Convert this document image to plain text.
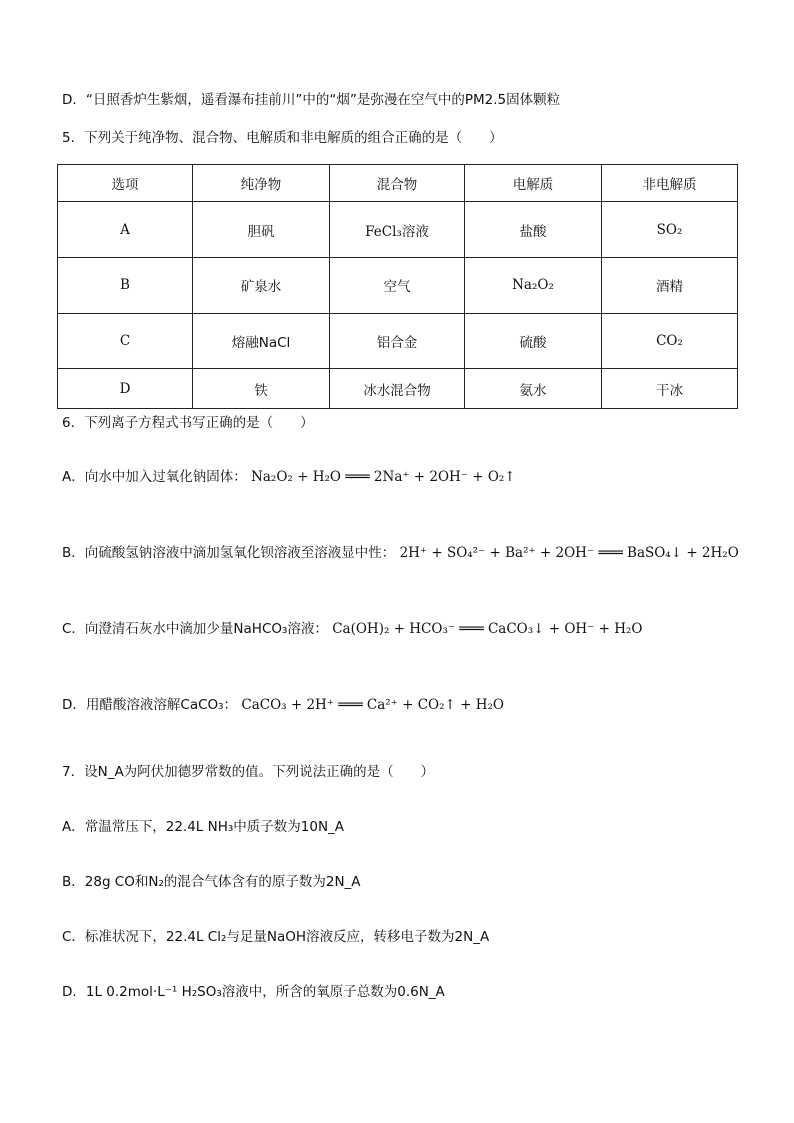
D．“日照香炉生紫烟，遥看瀑布挂前川”中的“烟”是弥漫在空气中的PM2.5固体颗粒
5．下列关于纯净物、混合物、电解质和非电解质的组合正确的是（　　）
选项	纯净物	混合物	电解质	非电解质
A	胆矾	FeCl₃溶液	盐酸	SO₂
B	矿泉水	空气	Na₂O₂	酒精
C	熔融NaCl	铝合金	硫酸	CO₂
D	铁	冰水混合物	氨水	干冰
6．下列离子方程式书写正确的是（　　）
A．向水中加入过氧化钠固体： Na₂O₂ + H₂O ═══ 2Na⁺ + 2OH⁻ + O₂↑
B．向硫酸氢钠溶液中滴加氢氧化钡溶液至溶液显中性： 2H⁺ + SO₄²⁻ + Ba²⁺ + 2OH⁻ ═══ BaSO₄↓ + 2H₂O
C．向澄清石灰水中滴加少量NaHCO₃溶液： Ca(OH)₂ + HCO₃⁻ ═══ CaCO₃↓ + OH⁻ + H₂O
D．用醋酸溶液溶解CaCO₃： CaCO₃ + 2H⁺ ═══ Ca²⁺ + CO₂↑ + H₂O
7．设N_A为阿伏加德罗常数的值。下列说法正确的是（　　）
A．常温常压下，22.4L NH₃中质子数为10N_A
B．28g CO和N₂的混合气体含有的原子数为2N_A
C．标准状况下，22.4L Cl₂与足量NaOH溶液反应，转移电子数为2N_A
D．1L 0.2mol·L⁻¹ H₂SO₃溶液中，所含的氧原子总数为0.6N_A
